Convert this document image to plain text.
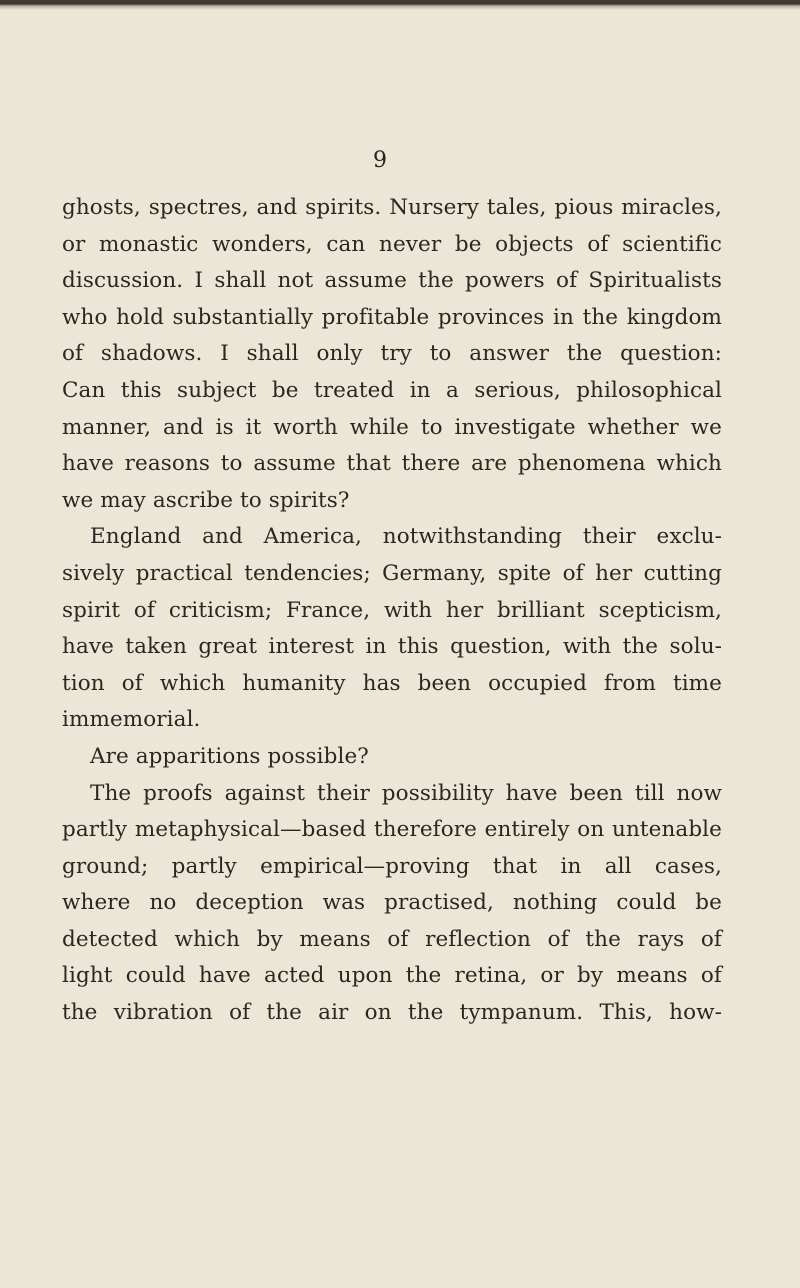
9
ghosts, spectres, and spirits. Nursery tales, pious miracles,
or monastic wonders, can never be objects of scientific
discussion. I shall not assume the powers of Spiritualists
who hold substantially profitable provinces in the kingdom
of shadows. I shall only try to answer the question:
Can this subject be treated in a serious, philosophical
manner, and is it worth while to investigate whether we
have reasons to assume that there are phenomena which
we may ascribe to spirits?
England and America, notwithstanding their exclu-
sively practical tendencies; Germany, spite of her cutting
spirit of criticism; France, with her brilliant scepticism,
have taken great interest in this question, with the solu-
tion of which humanity has been occupied from time
immemorial.
Are apparitions possible?
The proofs against their possibility have been till now
partly metaphysical—based therefore entirely on untenable
ground; partly empirical—proving that in all cases,
where no deception was practised, nothing could be
detected which by means of reflection of the rays of
light could have acted upon the retina, or by means of
the vibration of the air on the tympanum. This, how-
